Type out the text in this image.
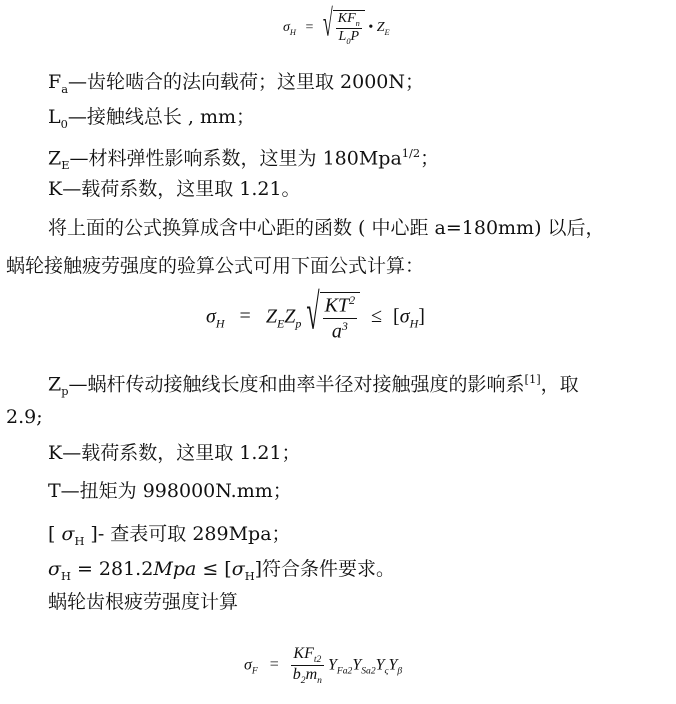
$\sigma_H$ = √ $\frac{KF_n}{L_0P}$ • $Z_E$
$F_a—$齿轮啮合的法向载荷；这里取 2000N；
$L_0—$接触线总长 , mm；
$Z_E—$材料弹性影响系数，这里为 180Mpa$^{1/2}$；
K—载荷系数，这里取 1.21。
将上面的公式换算成含中心距的函数 ( 中心距 a=180mm) 以后，
蜗轮接触疲劳强度的验算公式可用下面公式计算：
$\sigma_H = Z_EZ_p$ √ $\frac{KT^2}{a^3} \le [\sigma_H]$
$Z_p—$蜗杆传动接触线长度和曲率半径对接触强度的影响系[1]，取
2.9;
K—载荷系数，这里取 1.21；
T—扭矩为 998000N.mm；
[ $\sigma_H$ ]- 查表可取 289Mpa；
$\sigma_H = 281.2Mpa \le [\sigma_H]$符合条件要求。
蜗轮齿根疲劳强度计算
$\sigma_F = \frac{KF_{t2}}{b_2m_n} Y_{Fa2}Y_{Sa2}Y_\varsigma Y_\beta$
